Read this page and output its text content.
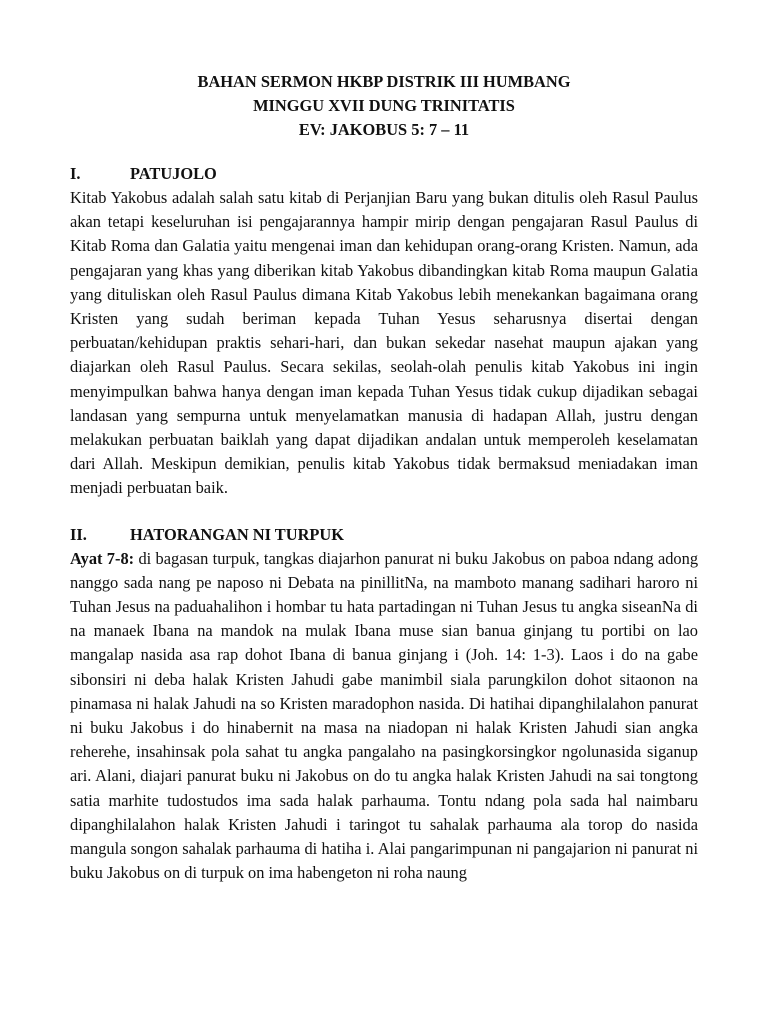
BAHAN SERMON HKBP DISTRIK III HUMBANG
MINGGU XVII DUNG TRINITATIS
EV: JAKOBUS 5: 7 – 11
I.	PATUJOLO

Kitab Yakobus adalah salah satu kitab di Perjanjian Baru yang bukan ditulis oleh Rasul Paulus akan tetapi keseluruhan isi pengajarannya hampir mirip dengan pengajaran Rasul Paulus di Kitab Roma dan Galatia yaitu mengenai iman dan kehidupan orang-orang Kristen. Namun, ada pengajaran yang khas yang diberikan kitab Yakobus dibandingkan kitab Roma maupun Galatia yang dituliskan oleh Rasul Paulus dimana Kitab Yakobus lebih menekankan bagaimana orang Kristen yang sudah beriman kepada Tuhan Yesus seharusnya disertai dengan perbuatan/kehidupan praktis sehari-hari, dan bukan sekedar nasehat maupun ajakan yang diajarkan oleh Rasul Paulus. Secara sekilas, seolah-olah penulis kitab Yakobus ini ingin menyimpulkan bahwa hanya dengan iman kepada Tuhan Yesus tidak cukup dijadikan sebagai landasan yang sempurna untuk menyelamatkan manusia di hadapan Allah, justru dengan melakukan perbuatan baiklah yang dapat dijadikan andalan untuk memperoleh keselamatan dari Allah. Meskipun demikian, penulis kitab Yakobus tidak bermaksud meniadakan iman menjadi perbuatan baik.

II.	HATORANGAN NI TURPUK

Ayat 7-8: di bagasan turpuk, tangkas diajarhon panurat ni buku Jakobus on paboa ndang adong nanggo sada nang pe naposo ni Debata na pinillitNa, na mamboto manang sadihari haroro ni Tuhan Jesus na paduahalihon i hombar tu hata partadingan ni Tuhan Jesus tu angka siseanNa di na manaek Ibana na mandok na mulak Ibana muse sian banua ginjang tu portibi on lao mangalap nasida asa rap dohot Ibana di banua ginjang i (Joh. 14: 1-3). Laos i do na gabe sibonsiri ni deba halak Kristen Jahudi gabe manimbil siala parungkilon dohot sitaonon na pinamasa ni halak Jahudi na so Kristen maradophon nasida. Di hatihai dipanghilalahon panurat ni buku Jakobus i do hinabernit na masa na niadopan ni halak Kristen Jahudi sian angka reherehe, insahinsak pola sahat tu angka pangalaho na pasingkorsingkor ngolunasida siganup ari. Alani, diajari panurat buku ni Jakobus on do tu angka halak Kristen Jahudi na sai tongtong satia marhite tudostudos ima sada halak parhauma. Tontu ndang pola sada hal naimbaru dipanghilalahon halak Kristen Jahudi i taringot tu sahalak parhauma ala torop do nasida mangula songon sahalak parhauma di hatiha i. Alai pangarimpunan ni pangajarion ni panurat ni buku Jakobus on di turpuk on ima habengeton ni roha naung
